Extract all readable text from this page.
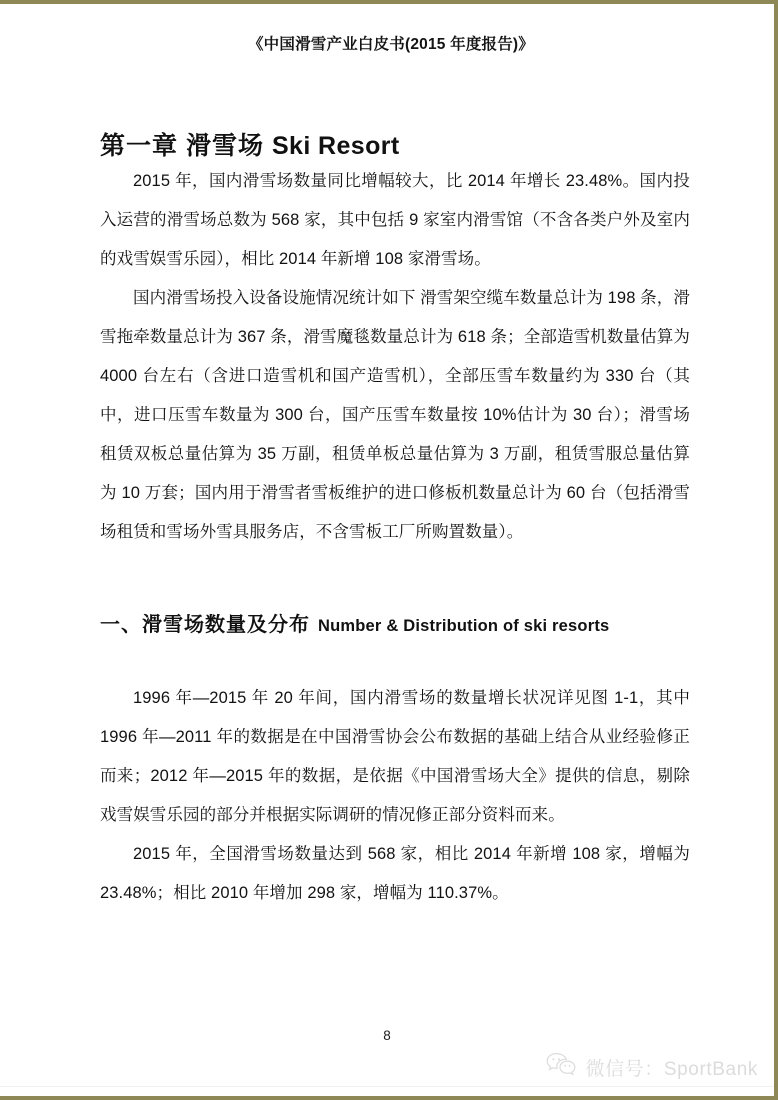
《中国滑雪产业白皮书(2015 年度报告)》
第一章 滑雪场 Ski Resort

2015 年，国内滑雪场数量同比增幅较大，比 2014 年增长 23.48%。国内投入运营的滑雪场总数为 568 家，其中包括 9 家室内滑雪馆（不含各类户外及室内的戏雪娱雪乐园），相比 2014 年新增 108 家滑雪场。

国内滑雪场投入设备设施情况统计如下 滑雪架空缆车数量总计为 198 条，滑雪拖牵数量总计为 367 条，滑雪魔毯数量总计为 618 条；全部造雪机数量估算为 4000 台左右（含进口造雪机和国产造雪机），全部压雪车数量约为 330 台（其中，进口压雪车数量为 300 台，国产压雪车数量按 10%估计为 30 台）；滑雪场租赁双板总量估算为 35 万副，租赁单板总量估算为 3 万副，租赁雪服总量估算为 10 万套；国内用于滑雪者雪板维护的进口修板机数量总计为 60 台（包括滑雪场租赁和雪场外雪具服务店，不含雪板工厂所购置数量）。

一、滑雪场数量及分布 Number & Distribution of ski resorts

1996 年—2015 年 20 年间，国内滑雪场的数量增长状况详见图 1-1，其中 1996 年—2011 年的数据是在中国滑雪协会公布数据的基础上结合从业经验修正而来；2012 年—2015 年的数据，是依据《中国滑雪场大全》提供的信息，剔除戏雪娱雪乐园的部分并根据实际调研的情况修正部分资料而来。

2015 年，全国滑雪场数量达到 568 家，相比 2014 年新增 108 家，增幅为 23.48%；相比 2010 年增加 298 家，增幅为 110.37%。

8
微信号：SportBank
